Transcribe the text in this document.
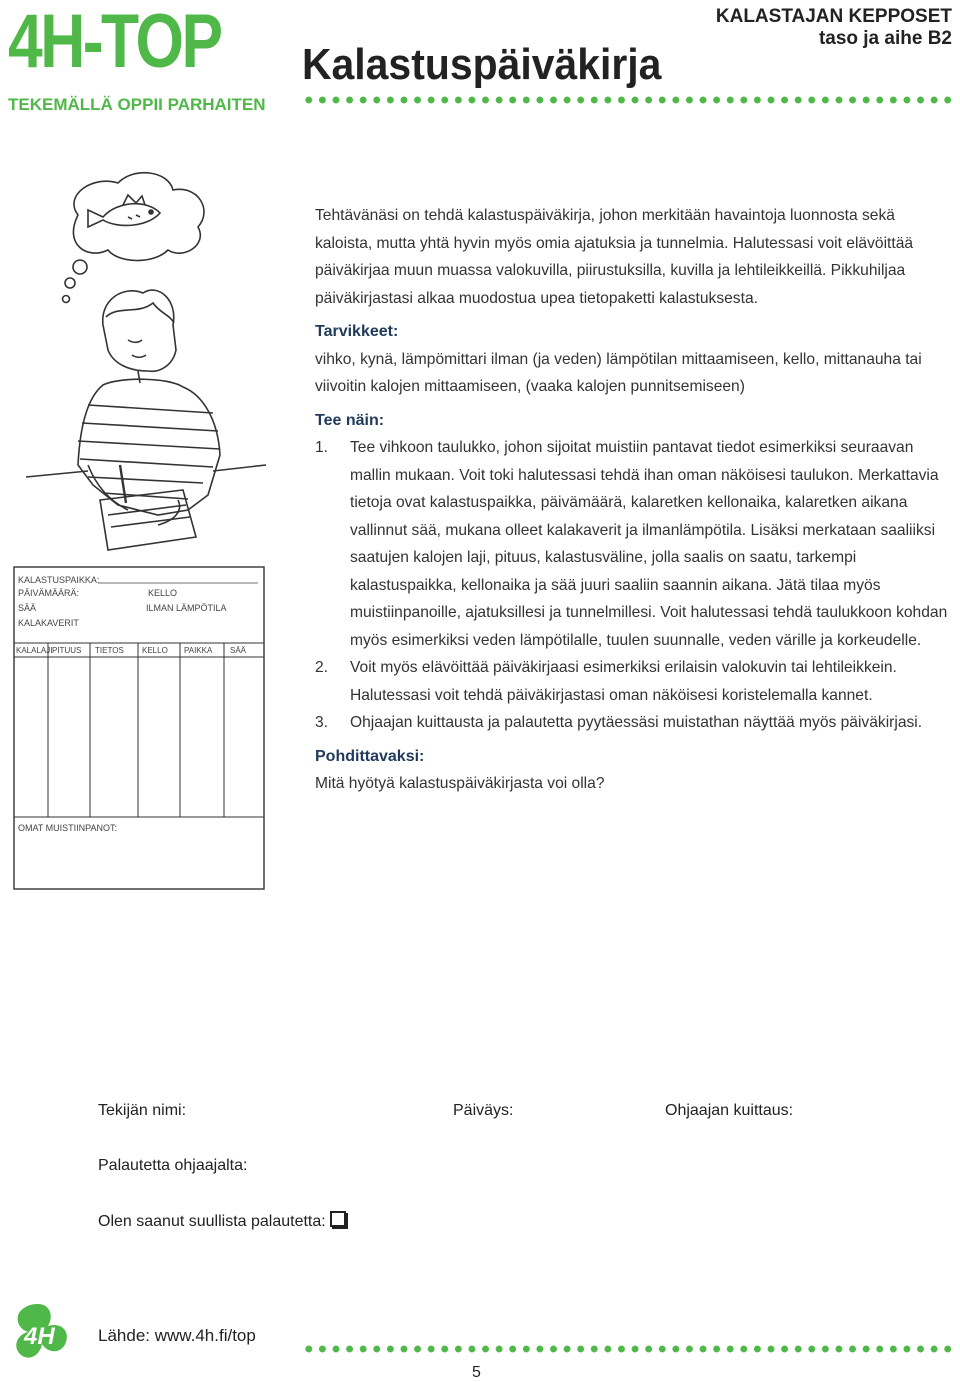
4H-TOP
TEKEMÄLLÄ OPPII PARHAITEN
Kalastuspäiväkirja
KALASTAJAN KEPPOSET
taso ja aihe B2
KALASTUSPAIKKA:
PÄIVÄMÄÄRÄ:	KELLO
SÄÄ	ILMAN LÄMPÖTILA
KALAKAVERIT
KALALAJI PITUUS TIETOS KELLO PAIKKA SÄÄ
OMAT MUISTIINPANOT:

Tehtävänäsi on tehdä kalastuspäiväkirja, johon merkitään havaintoja luonnosta sekä kaloista, mutta yhtä hyvin myös omia ajatuksia ja tunnelmia. Halutessasi voit elävöittää päiväkirjaa muun muassa valokuvilla, piirustuksilla, kuvilla ja lehtileikkeillä. Pikkuhiljaa päiväkirjastasi alkaa muodostua upea tietopaketti kalastuksesta.

Tarvikkeet:

vihko, kynä, lämpömittari ilman (ja veden) lämpötilan mittaamiseen, kello, mittanauha tai viivoitin kalojen mittaamiseen, (vaaka kalojen punnitsemiseen)

Tee näin:

1. Tee vihkoon taulukko, johon sijoitat muistiin pantavat tiedot esimerkiksi seuraavan mallin mukaan. Voit toki halutessasi tehdä ihan oman näköisesi taulukon. Merkattavia tietoja ovat kalastuspaikka, päivämäärä, kalaretken kellonaika, kalaretken aikana vallinnut sää, mukana olleet kalakaverit ja ilmanlämpötila. Lisäksi merkataan saaliiksi saatujen kalojen laji, pituus, kalastusväline, jolla saalis on saatu, tarkempi kalastuspaikka, kellonaika ja sää juuri saaliin saannin aikana. Jätä tilaa myös muistiinpanoille, ajatuksillesi ja tunnelmillesi. Voit halutessasi tehdä taulukkoon kohdan myös esimerkiksi veden lämpötilalle, tuulen suunnalle, veden värille ja korkeudelle.
2. Voit myös elävöittää päiväkirjaasi esimerkiksi erilaisin valokuvin tai lehtileikkein. Halutessasi voit tehdä päiväkirjastasi oman näköisesi koristelemalla kannet.
3. Ohjaajan kuittausta ja palautetta pyytäessäsi muistathan näyttää myös päiväkirjasi.

Pohdittavaksi:

Mitä hyötyä kalastuspäiväkirjasta voi olla?

Tekijän nimi:	Päiväys:	Ohjaajan kuittaus:
Palautetta ohjaajalta:
Olen saanut suullista palautetta:
4H	Lähde: www.4h.fi/top
5
